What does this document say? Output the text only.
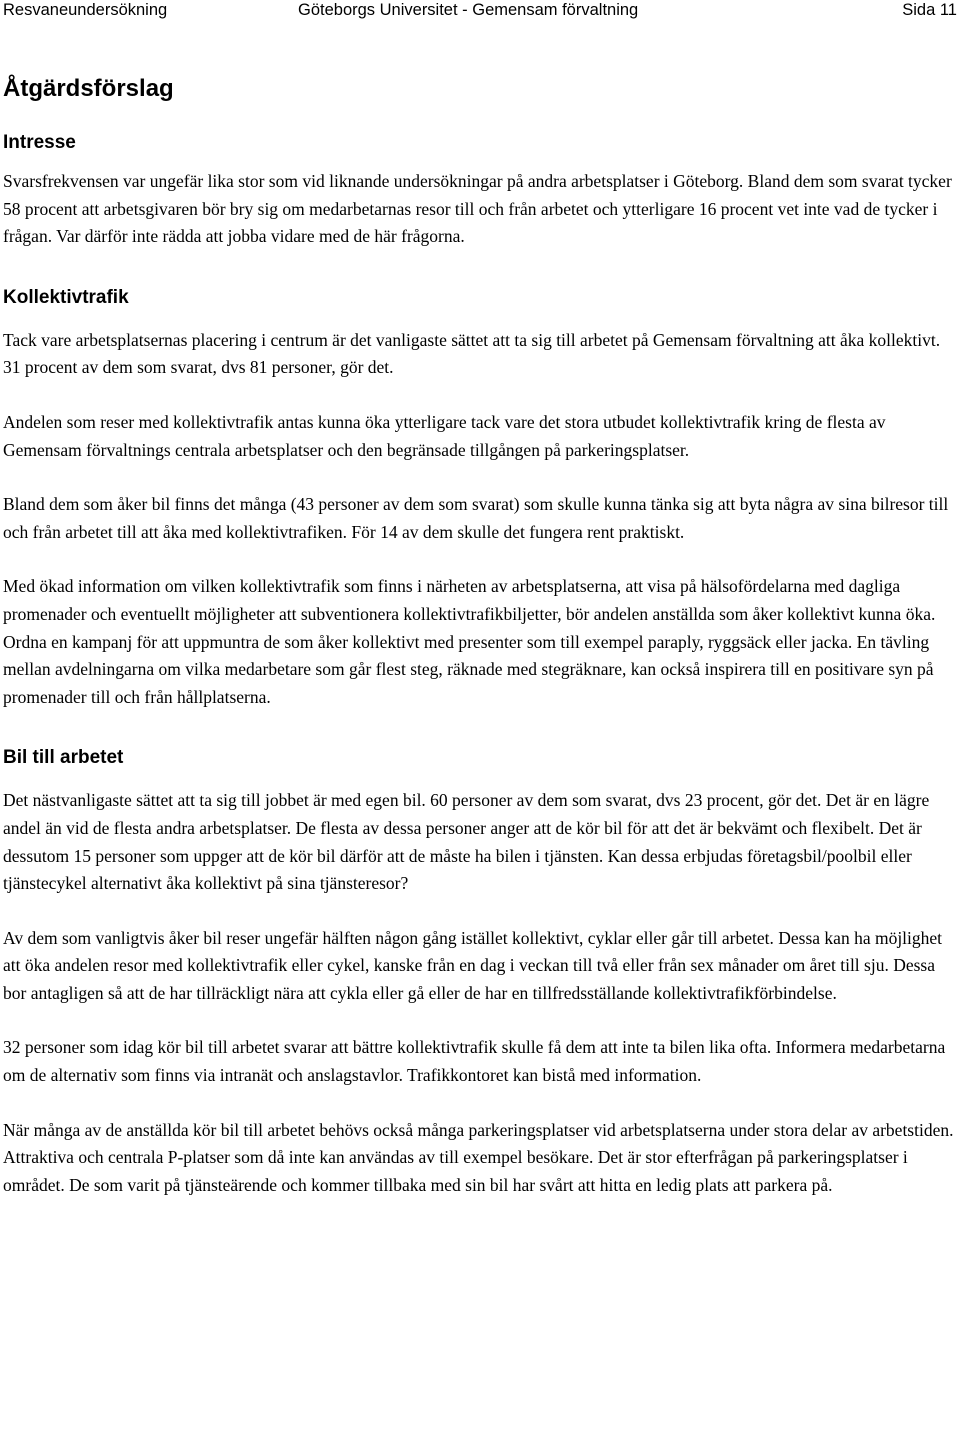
Resvaneundersökning	Göteborgs Universitet - Gemensam förvaltning	Sida 11
Åtgärdsförslag
Intresse

Svarsfrekvensen var ungefär lika stor som vid liknande undersökningar på andra arbetsplatser i Göteborg. Bland dem som svarat tycker 58 procent att arbetsgivaren bör bry sig om medarbetarnas resor till och från arbetet och ytterligare 16 procent vet inte vad de tycker i frågan. Var därför inte rädda att jobba vidare med de här frågorna.

Kollektivtrafik

Tack vare arbetsplatsernas placering i centrum är det vanligaste sättet att ta sig till arbetet på Gemensam förvaltning att åka kollektivt. 31 procent av dem som svarat, dvs 81 personer, gör det.

Andelen som reser med kollektivtrafik antas kunna öka ytterligare tack vare det stora utbudet kollektivtrafik kring de flesta av Gemensam förvaltnings centrala arbetsplatser och den begränsade tillgången på parkeringsplatser.

Bland dem som åker bil finns det många (43 personer av dem som svarat) som skulle kunna tänka sig att byta några av sina bilresor till och från arbetet till att åka med kollektivtrafiken. För 14 av dem skulle det fungera rent praktiskt.

Med ökad information om vilken kollektivtrafik som finns i närheten av arbetsplatserna, att visa på hälsofördelarna med dagliga promenader och eventuellt möjligheter att subventionera kollektivtrafikbiljetter, bör andelen anställda som åker kollektivt kunna öka. Ordna en kampanj för att uppmuntra de som åker kollektivt med presenter som till exempel paraply, ryggsäck eller jacka. En tävling mellan avdelningarna om vilka medarbetare som går flest steg, räknade med stegräknare, kan också inspirera till en positivare syn på promenader till och från hållplatserna.

Bil till arbetet

Det nästvanligaste sättet att ta sig till jobbet är med egen bil. 60 personer av dem som svarat, dvs 23 procent, gör det. Det är en lägre andel än vid de flesta andra arbetsplatser. De flesta av dessa personer anger att de kör bil för att det är bekvämt och flexibelt. Det är dessutom 15 personer som uppger att de kör bil därför att de måste ha bilen i tjänsten. Kan dessa erbjudas företagsbil/poolbil eller tjänstecykel alternativt åka kollektivt på sina tjänsteresor?

Av dem som vanligtvis åker bil reser ungefär hälften någon gång istället kollektivt, cyklar eller går till arbetet. Dessa kan ha möjlighet att öka andelen resor med kollektivtrafik eller cykel, kanske från en dag i veckan till två eller från sex månader om året till sju. Dessa bor antagligen så att de har tillräckligt nära att cykla eller gå eller de har en tillfredsställande kollektivtrafikförbindelse.

32 personer som idag kör bil till arbetet svarar att bättre kollektivtrafik skulle få dem att inte ta bilen lika ofta. Informera medarbetarna om de alternativ som finns via intranät och anslagstavlor. Trafikkontoret kan bistå med information.

När många av de anställda kör bil till arbetet behövs också många parkeringsplatser vid arbetsplatserna under stora delar av arbetstiden. Attraktiva och centrala P-platser som då inte kan användas av till exempel besökare. Det är stor efterfrågan på parkeringsplatser i området. De som varit på tjänsteärende och kommer tillbaka med sin bil har svårt att hitta en ledig plats att parkera på.
